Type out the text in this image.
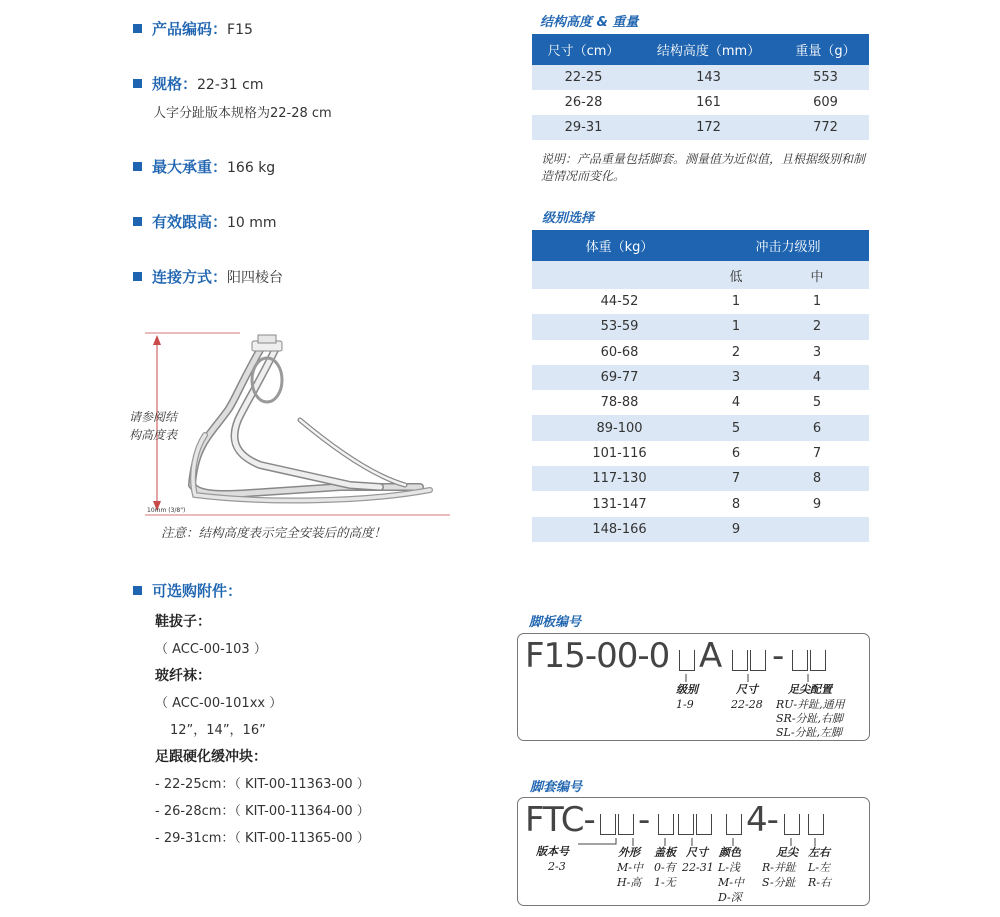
产品编码：F15
规格：22-31 cm
人字分趾版本规格为22-28 cm
最大承重：166 kg
有效跟高：10 mm
连接方式：阳四棱台
请参阅结构高度表
10mm (3/8")
注意：结构高度表示完全安装后的高度！
可选购附件：
鞋拔子：
（ ACC-00-103 ）
玻纤袜：
（ ACC-00-101xx ）
12”，14”，16”
足跟硬化缓冲块：
- 22-25cm：（ KIT-00-11363-00 ）
- 26-28cm：（ KIT-00-11364-00 ）
- 29-31cm：（ KIT-00-11365-00 ）
结构高度 & 重量
尺寸（cm）	结构高度（mm）	重量（g）
22-25	143	553
26-28	161	609
29-31	172	772
说明：产品重量包括脚套。测量值为近似值，且根据级别和制造情况而变化。
级别选择
体重（kg）	冲击力级别	
	低	中
44-52	1	1
53-59	1	2
60-68	2	3
69-77	3	4
78-88	4	5
89-100	5	6
101-116	6	7
117-130	7	8
131-147	8	9
148-166	9	
脚板编号
F15-00-0 A -
级别
1-9
尺寸
22-28
足尖配置
RU-并趾,通用
SR-分趾,右脚
SL-分趾,左脚
脚套编号
FTC- -	4-
版本号
2-3
外形
M-中
H-高
盖板
0-有
1-无
尺寸
22-31
颜色
L-浅
M-中
D-深
足尖
R-并趾
S-分趾
左右
L-左
R-右
